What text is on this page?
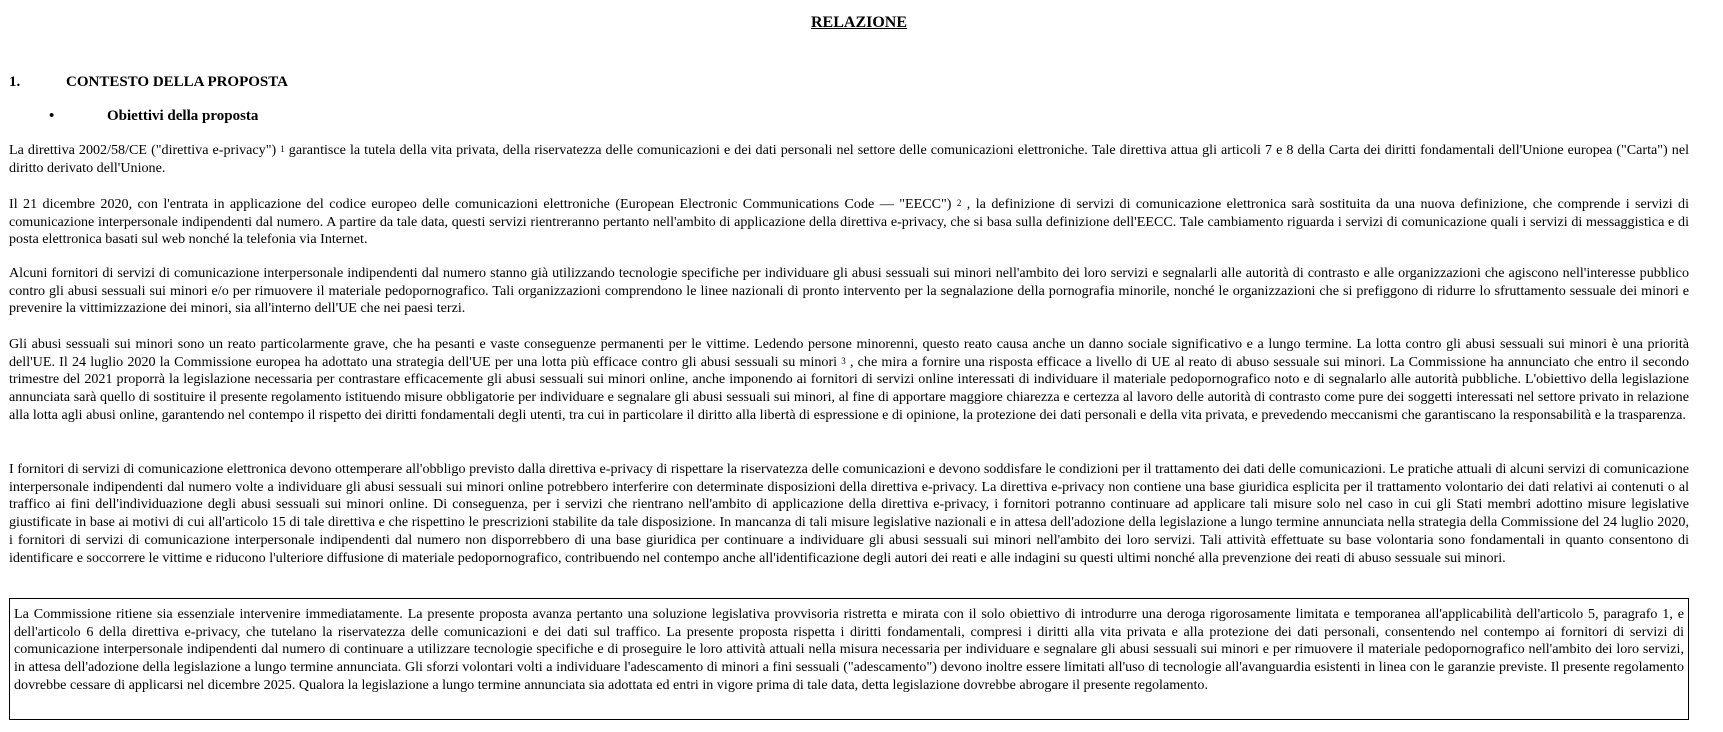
RELAZIONE
1.	CONTESTO DELLA PROPOSTA
•	Obiettivi della proposta

La direttiva 2002/58/CE ("direttiva e-privacy") $^1$ garantisce la tutela della vita privata, della riservatezza delle comunicazioni e dei dati personali nel settore delle comunicazioni elettroniche. Tale direttiva attua gli articoli 7 e 8 della Carta dei diritti fondamentali dell'Unione europea ("Carta") nel diritto derivato dell'Unione.

Il 21 dicembre 2020, con l'entrata in applicazione del codice europeo delle comunicazioni elettroniche (European Electronic Communications Code — "EECC") $^2$ , la definizione di servizi di comunicazione elettronica sarà sostituita da una nuova definizione, che comprende i servizi di comunicazione interpersonale indipendenti dal numero. A partire da tale data, questi servizi rientreranno pertanto nell'ambito di applicazione della direttiva e-privacy, che si basa sulla definizione dell'EECC. Tale cambiamento riguarda i servizi di comunicazione quali i servizi di messaggistica e di posta elettronica basati sul web nonché la telefonia via Internet.

Alcuni fornitori di servizi di comunicazione interpersonale indipendenti dal numero stanno già utilizzando tecnologie specifiche per individuare gli abusi sessuali sui minori nell'ambito dei loro servizi e segnalarli alle autorità di contrasto e alle organizzazioni che agiscono nell'interesse pubblico contro gli abusi sessuali sui minori e/o per rimuovere il materiale pedopornografico. Tali organizzazioni comprendono le linee nazionali di pronto intervento per la segnalazione della pornografia minorile, nonché le organizzazioni che si prefiggono di ridurre lo sfruttamento sessuale dei minori e prevenire la vittimizzazione dei minori, sia all'interno dell'UE che nei paesi terzi.

Gli abusi sessuali sui minori sono un reato particolarmente grave, che ha pesanti e vaste conseguenze permanenti per le vittime. Ledendo persone minorenni, questo reato causa anche un danno sociale significativo e a lungo termine. La lotta contro gli abusi sessuali sui minori è una priorità dell'UE. Il 24 luglio 2020 la Commissione europea ha adottato una strategia dell'UE per una lotta più efficace contro gli abusi sessuali su minori $^3$ , che mira a fornire una risposta efficace a livello di UE al reato di abuso sessuale sui minori. La Commissione ha annunciato che entro il secondo trimestre del 2021 proporrà la legislazione necessaria per contrastare efficacemente gli abusi sessuali sui minori online, anche imponendo ai fornitori di servizi online interessati di individuare il materiale pedopornografico noto e di segnalarlo alle autorità pubbliche. L'obiettivo della legislazione annunciata sarà quello di sostituire il presente regolamento istituendo misure obbligatorie per individuare e segnalare gli abusi sessuali sui minori, al fine di apportare maggiore chiarezza e certezza al lavoro delle autorità di contrasto come pure dei soggetti interessati nel settore privato in relazione alla lotta agli abusi online, garantendo nel contempo il rispetto dei diritti fondamentali degli utenti, tra cui in particolare il diritto alla libertà di espressione e di opinione, la protezione dei dati personali e della vita privata, e prevedendo meccanismi che garantiscano la responsabilità e la trasparenza.

I fornitori di servizi di comunicazione elettronica devono ottemperare all'obbligo previsto dalla direttiva e-privacy di rispettare la riservatezza delle comunicazioni e devono soddisfare le condizioni per il trattamento dei dati delle comunicazioni. Le pratiche attuali di alcuni servizi di comunicazione interpersonale indipendenti dal numero volte a individuare gli abusi sessuali sui minori online potrebbero interferire con determinate disposizioni della direttiva e-privacy. La direttiva e-privacy non contiene una base giuridica esplicita per il trattamento volontario dei dati relativi ai contenuti o al traffico ai fini dell'individuazione degli abusi sessuali sui minori online. Di conseguenza, per i servizi che rientrano nell'ambito di applicazione della direttiva e-privacy, i fornitori potranno continuare ad applicare tali misure solo nel caso in cui gli Stati membri adottino misure legislative giustificate in base ai motivi di cui all'articolo 15 di tale direttiva e che rispettino le prescrizioni stabilite da tale disposizione. In mancanza di tali misure legislative nazionali e in attesa dell'adozione della legislazione a lungo termine annunciata nella strategia della Commissione del 24 luglio 2020, i fornitori di servizi di comunicazione interpersonale indipendenti dal numero non disporrebbero di una base giuridica per continuare a individuare gli abusi sessuali sui minori nell'ambito dei loro servizi. Tali attività effettuate su base volontaria sono fondamentali in quanto consentono di identificare e soccorrere le vittime e riducono l'ulteriore diffusione di materiale pedopornografico, contribuendo nel contempo anche all'identificazione degli autori dei reati e alle indagini su questi ultimi nonché alla prevenzione dei reati di abuso sessuale sui minori.

La Commissione ritiene sia essenziale intervenire immediatamente. La presente proposta avanza pertanto una soluzione legislativa provvisoria ristretta e mirata con il solo obiettivo di introdurre una deroga rigorosamente limitata e temporanea all'applicabilità dell'articolo 5, paragrafo 1, e dell'articolo 6 della direttiva e-privacy, che tutelano la riservatezza delle comunicazioni e dei dati sul traffico. La presente proposta rispetta i diritti fondamentali, compresi i diritti alla vita privata e alla protezione dei dati personali, consentendo nel contempo ai fornitori di servizi di comunicazione interpersonale indipendenti dal numero di continuare a utilizzare tecnologie specifiche e di proseguire le loro attività attuali nella misura necessaria per individuare e segnalare gli abusi sessuali sui minori e per rimuovere il materiale pedopornografico nell'ambito dei loro servizi, in attesa dell'adozione della legislazione a lungo termine annunciata. Gli sforzi volontari volti a individuare l'adescamento di minori a fini sessuali ("adescamento") devono inoltre essere limitati all'uso di tecnologie all'avanguardia esistenti in linea con le garanzie previste. Il presente regolamento dovrebbe cessare di applicarsi nel dicembre 2025. Qualora la legislazione a lungo termine annunciata sia adottata ed entri in vigore prima di tale data, detta legislazione dovrebbe abrogare il presente regolamento.
